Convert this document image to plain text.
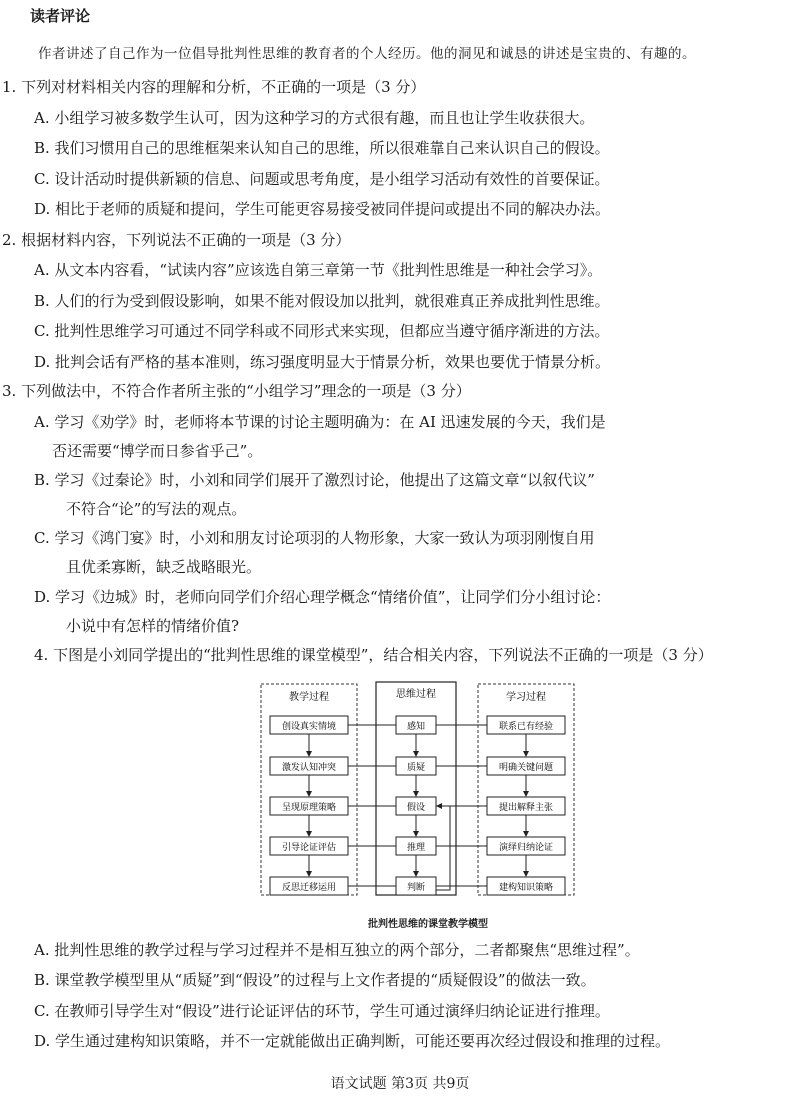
读者评论
作者讲述了自己作为一位倡导批判性思维的教育者的个人经历。他的洞见和诚恳的讲述是宝贵的、有趣的。
1. 下列对材料相关内容的理解和分析，不正确的一项是（3 分）
A. 小组学习被多数学生认可，因为这种学习的方式很有趣，而且也让学生收获很大。
B. 我们习惯用自己的思维框架来认知自己的思维，所以很难靠自己来认识自己的假设。
C. 设计活动时提供新颖的信息、问题或思考角度，是小组学习活动有效性的首要保证。
D. 相比于老师的质疑和提问，学生可能更容易接受被同伴提问或提出不同的解决办法。
2. 根据材料内容，下列说法不正确的一项是（3 分）
A. 从文本内容看，“试读内容”应该选自第三章第一节《批判性思维是一种社会学习》。
B. 人们的行为受到假设影响，如果不能对假设加以批判，就很难真正养成批判性思维。
C. 批判性思维学习可通过不同学科或不同形式来实现，但都应当遵守循序渐进的方法。
D. 批判会话有严格的基本准则，练习强度明显大于情景分析，效果也要优于情景分析。
3. 下列做法中，不符合作者所主张的“小组学习”理念的一项是（3 分）
A. 学习《劝学》时，老师将本节课的讨论主题明确为：在 AI 迅速发展的今天，我们是
否还需要“博学而日参省乎己”。
B. 学习《过秦论》时，小刘和同学们展开了激烈讨论，他提出了这篇文章“以叙代议”
不符合“论”的写法的观点。
C. 学习《鸿门宴》时，小刘和朋友讨论项羽的人物形象，大家一致认为项羽刚愎自用
且优柔寡断，缺乏战略眼光。
D. 学习《边城》时，老师向同学们介绍心理学概念“情绪价值”，让同学们分小组讨论：
小说中有怎样的情绪价值?
4. 下图是小刘同学提出的“批判性思维的课堂模型”，结合相关内容，下列说法不正确的一项是（3 分）
教学过程	思维过程	学习过程
创设真实情境
激发认知冲突
呈现原理策略
引导论证评估
反思迁移运用
感知
质疑
假设
推理
判断
联系已有经验
明确关键问题
提出解释主张
演绎归纳论证
建构知识策略
批判性思维的课堂教学模型
A. 批判性思维的教学过程与学习过程并不是相互独立的两个部分，二者都聚焦“思维过程”。
B. 课堂教学模型里从“质疑”到“假设”的过程与上文作者提的“质疑假设”的做法一致。
C. 在教师引导学生对“假设”进行论证评估的环节，学生可通过演绎归纳论证进行推理。
D. 学生通过建构知识策略，并不一定就能做出正确判断，可能还要再次经过假设和推理的过程。
语文试题 第3页 共9页
